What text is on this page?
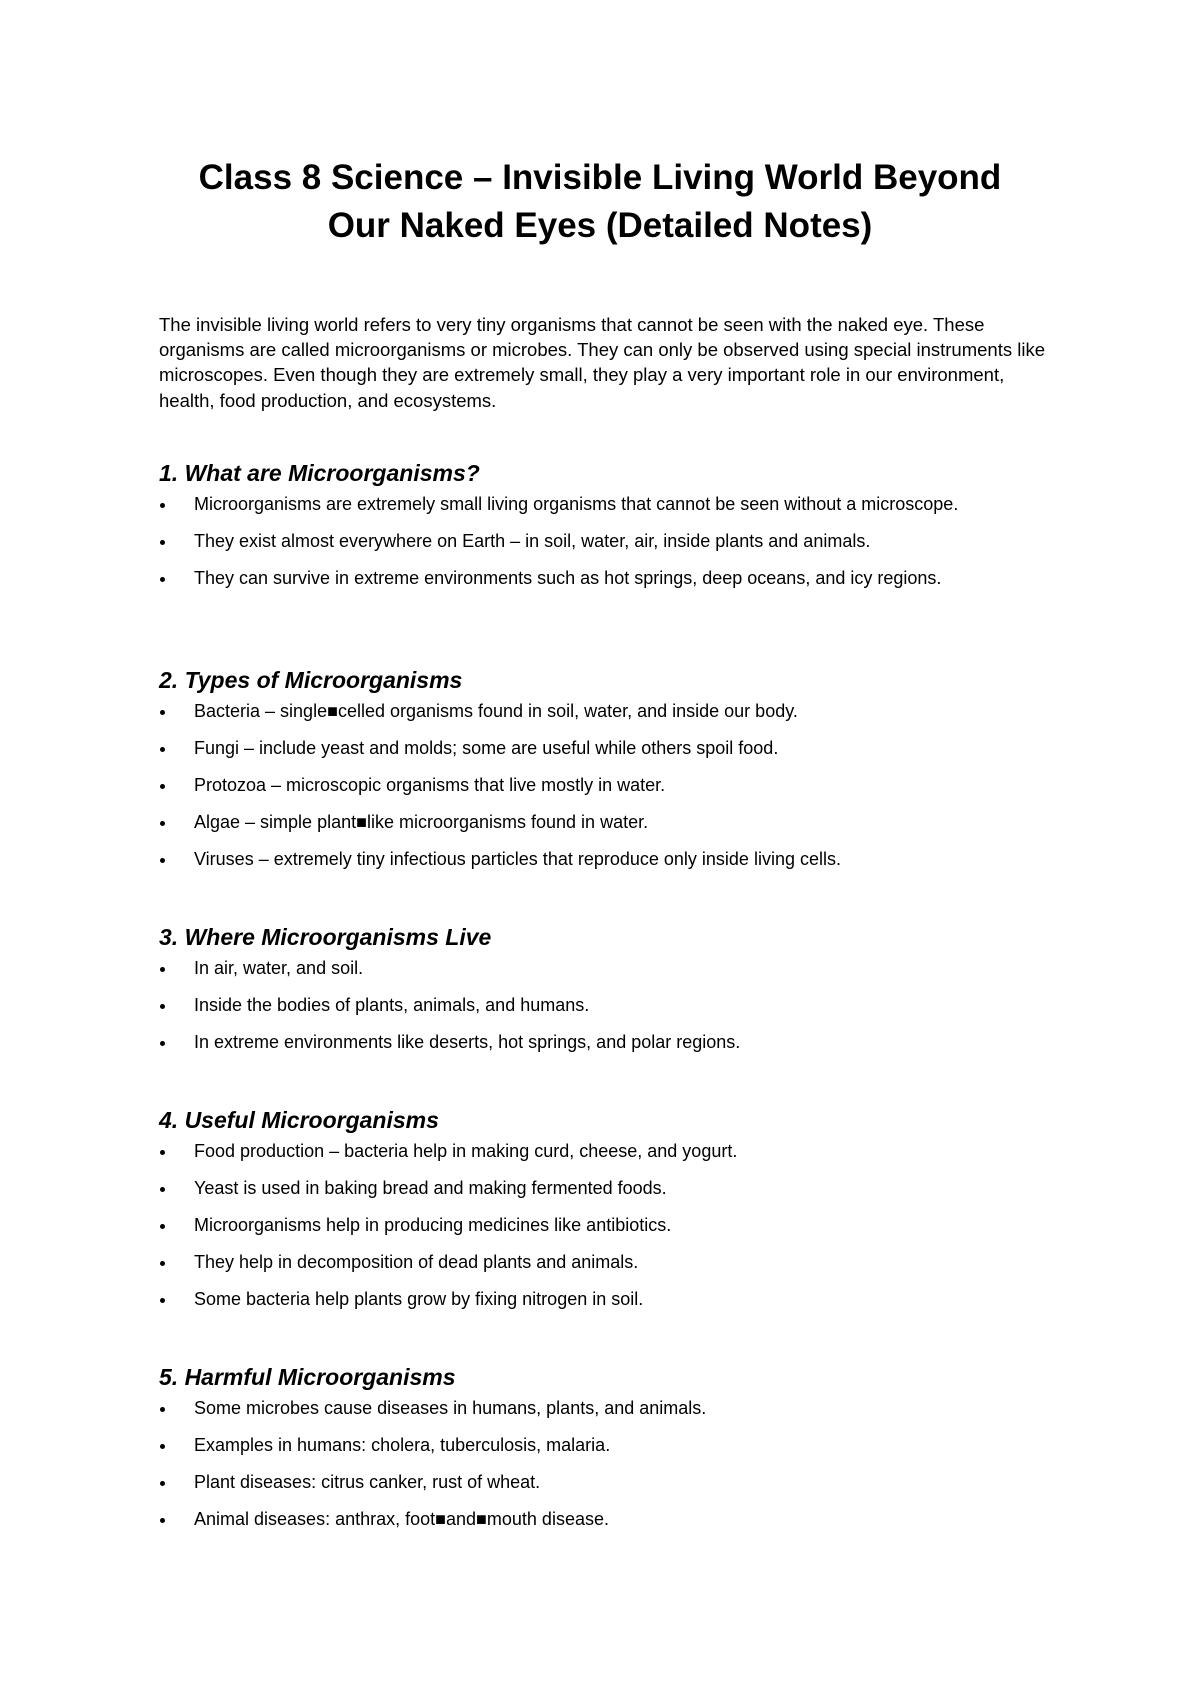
Class 8 Science – Invisible Living World Beyond
Our Naked Eyes (Detailed Notes)

The invisible living world refers to very tiny organisms that cannot be seen with the naked eye. These organisms are called microorganisms or microbes. They can only be observed using special instruments like microscopes. Even though they are extremely small, they play a very important role in our environment, health, food production, and ecosystems.

1. What are Microorganisms?
Microorganisms are extremely small living organisms that cannot be seen without a microscope.
They exist almost everywhere on Earth – in soil, water, air, inside plants and animals.
They can survive in extreme environments such as hot springs, deep oceans, and icy regions.
2. Types of Microorganisms
Bacteria – single■celled organisms found in soil, water, and inside our body.
Fungi – include yeast and molds; some are useful while others spoil food.
Protozoa – microscopic organisms that live mostly in water.
Algae – simple plant■like microorganisms found in water.
Viruses – extremely tiny infectious particles that reproduce only inside living cells.
3. Where Microorganisms Live
In air, water, and soil.
Inside the bodies of plants, animals, and humans.
In extreme environments like deserts, hot springs, and polar regions.
4. Useful Microorganisms
Food production – bacteria help in making curd, cheese, and yogurt.
Yeast is used in baking bread and making fermented foods.
Microorganisms help in producing medicines like antibiotics.
They help in decomposition of dead plants and animals.
Some bacteria help plants grow by fixing nitrogen in soil.
5. Harmful Microorganisms
Some microbes cause diseases in humans, plants, and animals.
Examples in humans: cholera, tuberculosis, malaria.
Plant diseases: citrus canker, rust of wheat.
Animal diseases: anthrax, foot■and■mouth disease.
